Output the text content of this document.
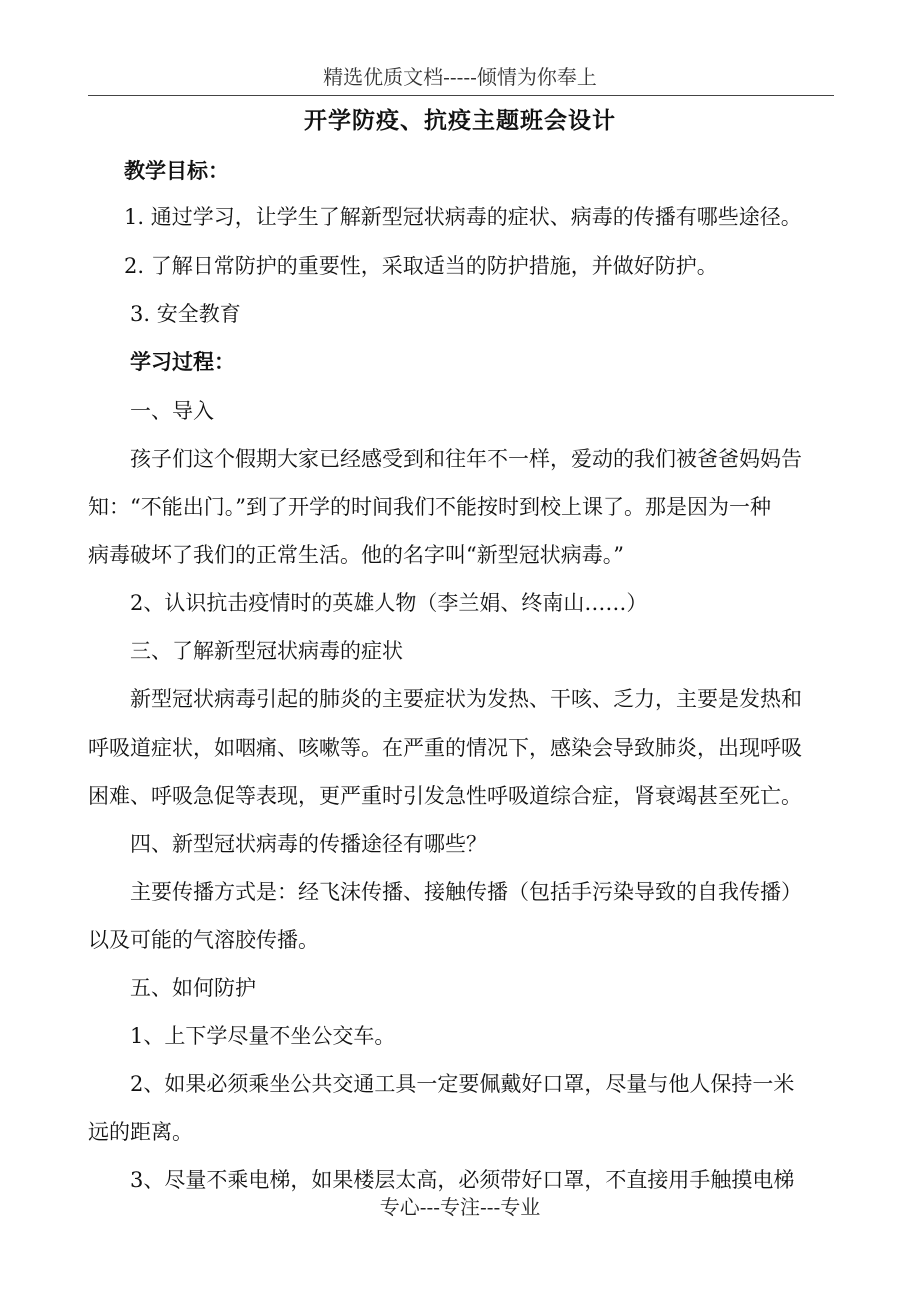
精选优质文档-----倾情为你奉上
开学防疫、抗疫主题班会设计
教学目标：
1. 通过学习，让学生了解新型冠状病毒的症状、病毒的传播有哪些途径。
2. 了解日常防护的重要性，采取适当的防护措施，并做好防护。
3. 安全教育
学习过程：
一、导入
孩子们这个假期大家已经感受到和往年不一样，爱动的我们被爸爸妈妈告
知：“不能出门。”到了开学的时间我们不能按时到校上课了。那是因为一种
病毒破坏了我们的正常生活。他的名字叫“新型冠状病毒。”
2、认识抗击疫情时的英雄人物（李兰娟、终南山……）
三、了解新型冠状病毒的症状
新型冠状病毒引起的肺炎的主要症状为发热、干咳、乏力，主要是发热和
呼吸道症状，如咽痛、咳嗽等。在严重的情况下，感染会导致肺炎，出现呼吸
困难、呼吸急促等表现，更严重时引发急性呼吸道综合症，肾衰竭甚至死亡。
四、新型冠状病毒的传播途径有哪些？
主要传播方式是：经飞沫传播、接触传播（包括手污染导致的自我传播）
以及可能的气溶胶传播。
五、如何防护
1、上下学尽量不坐公交车。
2、如果必须乘坐公共交通工具一定要佩戴好口罩，尽量与他人保持一米
远的距离。
3、尽量不乘电梯，如果楼层太高，必须带好口罩，不直接用手触摸电梯
专心---专注---专业
